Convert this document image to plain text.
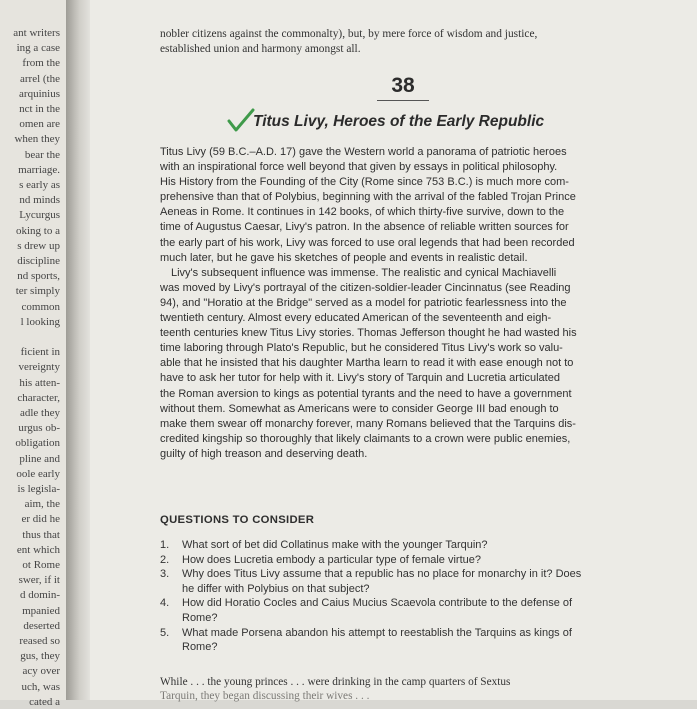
ant writers
ing a case
from the
arrel (the
arquinius
nct in the
omen are
when they
bear the
marriage.
s early as
nd minds
Lycurgus
oking to a
s drew up
discipline
nd sports,
ter simply
common
l looking
ficient in
vereignty
his atten-
character,
adle they
urgus ob-
obligation
pline and
oole early
is legisla-
aim, the
er did he
thus that
ent which
ot Rome
swer, if it
d domin-
mpanied
deserted
reased so
gus, they
acy over
uch, was
cated a
nobler citizens against the commonalty), but, by mere force of wisdom and justice,
established union and harmony amongst all.
38
Titus Livy, Heroes of the Early Republic
Titus Livy (59 B.C.–A.D. 17) gave the Western world a panorama of patriotic heroes
with an inspirational force well beyond that given by essays in political philosophy.
His History from the Founding of the City (Rome since 753 B.C.) is much more com-
prehensive than that of Polybius, beginning with the arrival of the fabled Trojan Prince
Aeneas in Rome. It continues in 142 books, of which thirty-five survive, down to the
time of Augustus Caesar, Livy's patron. In the absence of reliable written sources for
the early part of his work, Livy was forced to use oral legends that had been recorded
much later, but he gave his sketches of people and events in realistic detail.
Livy's subsequent influence was immense. The realistic and cynical Machiavelli
was moved by Livy's portrayal of the citizen-soldier-leader Cincinnatus (see Reading
94), and "Horatio at the Bridge" served as a model for patriotic fearlessness into the
twentieth century. Almost every educated American of the seventeenth and eigh-
teenth centuries knew Titus Livy stories. Thomas Jefferson thought he had wasted his
time laboring through Plato's Republic, but he considered Titus Livy's work so valu-
able that he insisted that his daughter Martha learn to read it with ease enough not to
have to ask her tutor for help with it. Livy's story of Tarquin and Lucretia articulated
the Roman aversion to kings as potential tyrants and the need to have a government
without them. Somewhat as Americans were to consider George III bad enough to
make them swear off monarchy forever, many Romans believed that the Tarquins dis-
credited kingship so thoroughly that likely claimants to a crown were public enemies,
guilty of high treason and deserving death.
QUESTIONS TO CONSIDER
1.	What sort of bet did Collatinus make with the younger Tarquin?
2.	How does Lucretia embody a particular type of female virtue?
3.	Why does Titus Livy assume that a republic has no place for monarchy in it? Does
he differ with Polybius on that subject?
4.	How did Horatio Cocles and Caius Mucius Scaevola contribute to the defense of
Rome?
5.	What made Porsena abandon his attempt to reestablish the Tarquins as kings of
Rome?
While . . . the young princes . . . were drinking in the camp quarters of Sextus
Tarquin, they began discussing their wives . . .
